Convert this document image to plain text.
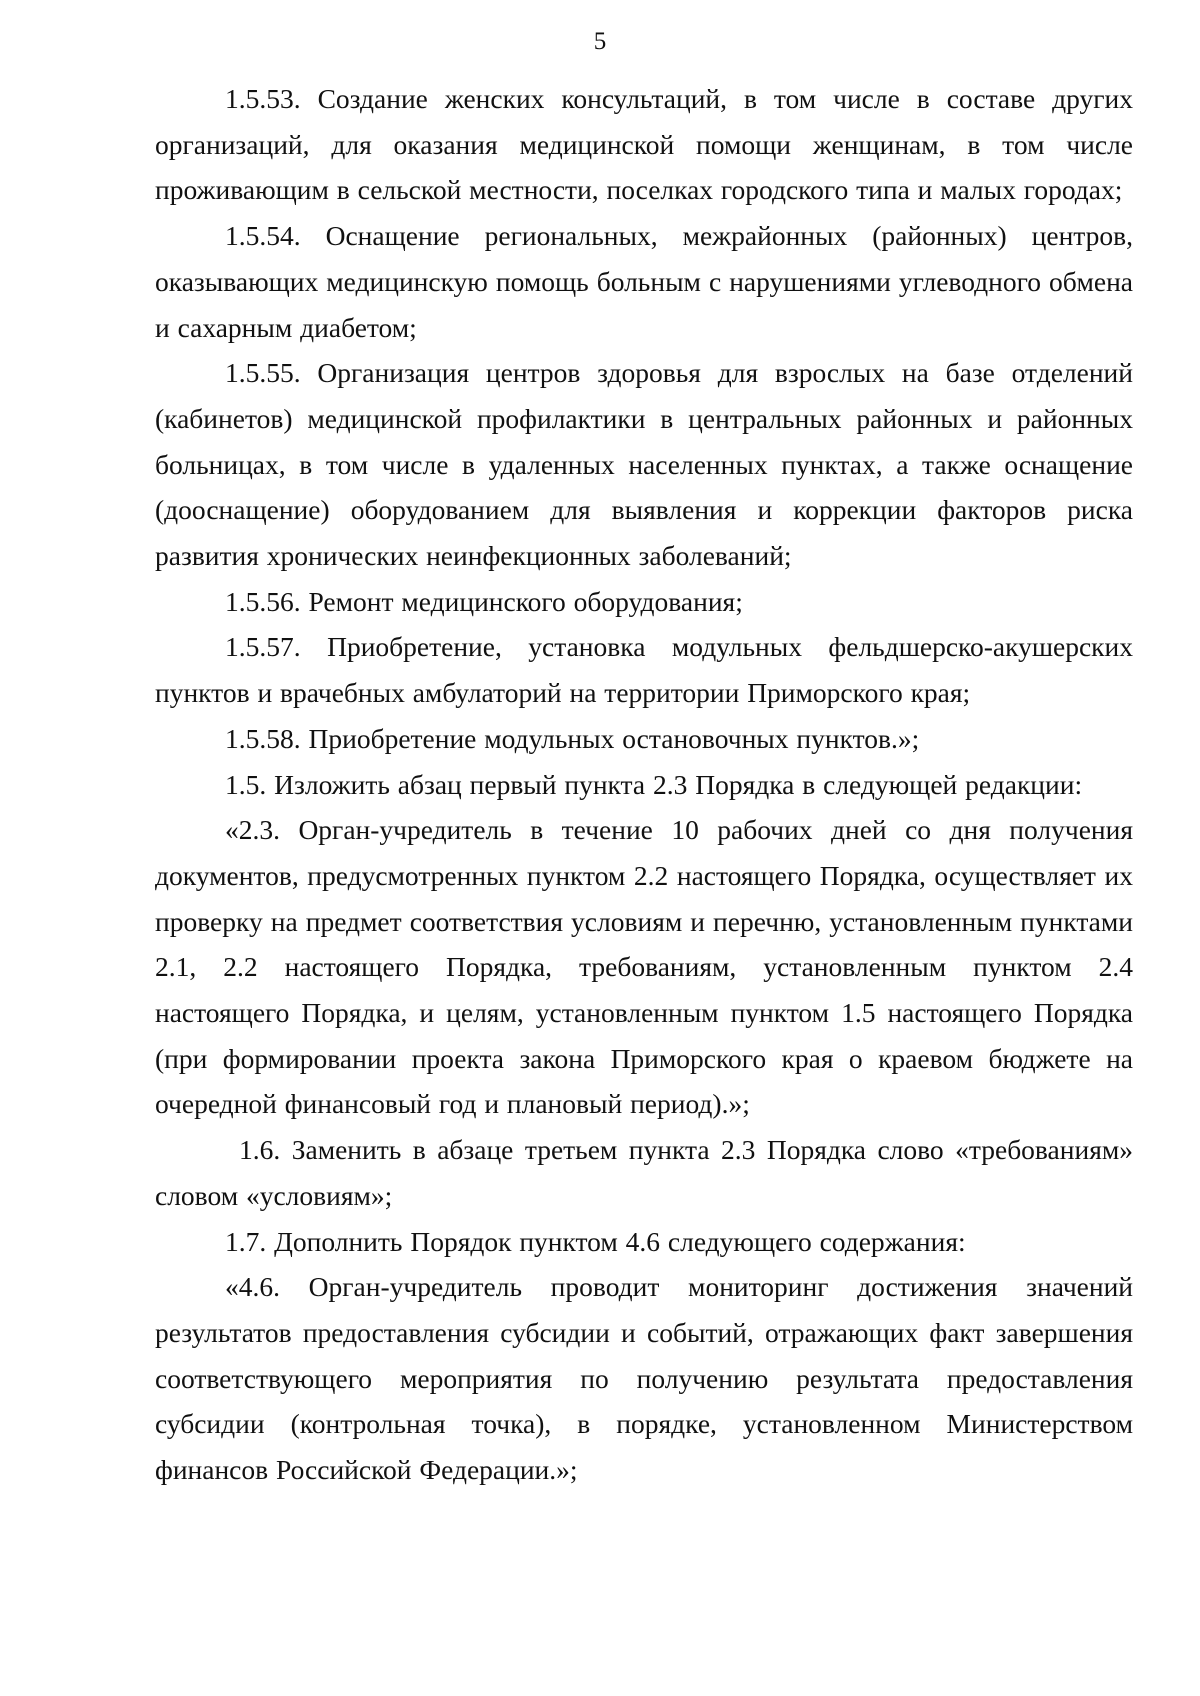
5

1.5.53. Создание женских консультаций, в том числе в составе других организаций, для оказания медицинской помощи женщинам, в том числе проживающим в сельской местности, поселках городского типа и малых городах;

1.5.54. Оснащение региональных, межрайонных (районных) центров, оказывающих медицинскую помощь больным с нарушениями углеводного обмена и сахарным диабетом;

1.5.55. Организация центров здоровья для взрослых на базе отделений (кабинетов) медицинской профилактики в центральных районных и районных больницах, в том числе в удаленных населенных пунктах, а также оснащение (дооснащение) оборудованием для выявления и коррекции факторов риска развития хронических неинфекционных заболеваний;

1.5.56. Ремонт медицинского оборудования;

1.5.57. Приобретение, установка модульных фельдшерско-акушерских пунктов и врачебных амбулаторий на территории Приморского края;

1.5.58. Приобретение модульных остановочных пунктов.»;

1.5. Изложить абзац первый пункта 2.3 Порядка в следующей редакции:

«2.3. Орган-учредитель в течение 10 рабочих дней со дня получения документов, предусмотренных пунктом 2.2 настоящего Порядка, осуществляет их проверку на предмет соответствия условиям и перечню, установленным пунктами 2.1, 2.2 настоящего Порядка, требованиям, установленным пунктом 2.4 настоящего Порядка, и целям, установленным пунктом 1.5 настоящего Порядка (при формировании проекта закона Приморского края о краевом бюджете на очередной финансовый год и плановый период).»;

1.6. Заменить в абзаце третьем пункта 2.3 Порядка слово «требованиям» словом «условиям»;

1.7. Дополнить Порядок пунктом 4.6 следующего содержания:

«4.6. Орган-учредитель проводит мониторинг достижения значений результатов предоставления субсидии и событий, отражающих факт завершения соответствующего мероприятия по получению результата предоставления субсидии (контрольная точка), в порядке, установленном Министерством финансов Российской Федерации.»;
